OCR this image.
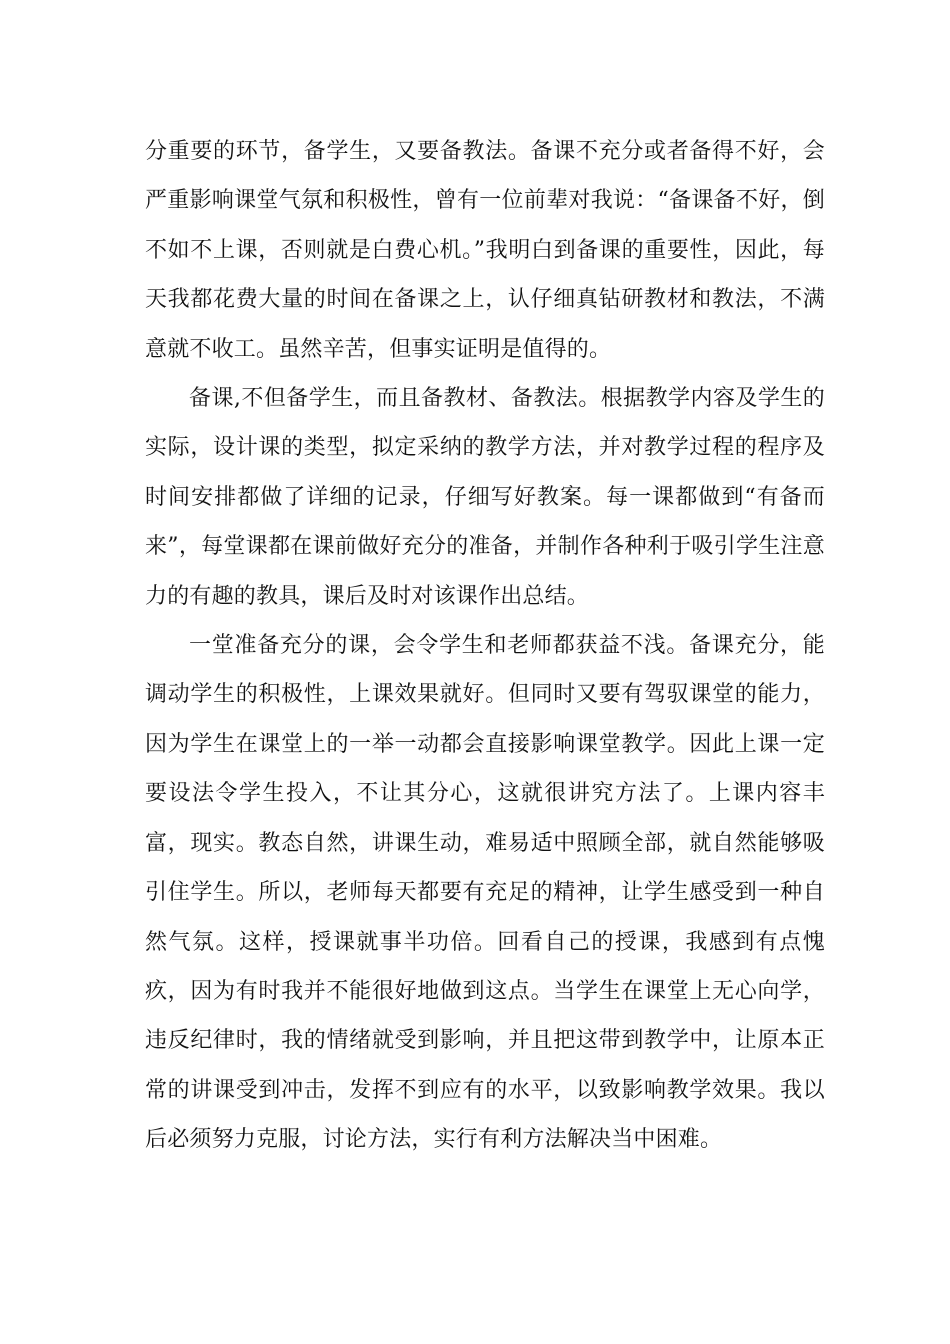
分重要的环节，备学生，又要备教法。备课不充分或者备得不好，会严重影响课堂气氛和积极性，曾有一位前辈对我说：“备课备不好，倒不如不上课，否则就是白费心机。”我明白到备课的重要性，因此，每天我都花费大量的时间在备课之上，认仔细真钻研教材和教法，不满意就不收工。虽然辛苦，但事实证明是值得的。

备课,不但备学生，而且备教材、备教法。根据教学内容及学生的实际，设计课的类型，拟定采纳的教学方法，并对教学过程的程序及时间安排都做了详细的记录，仔细写好教案。每一课都做到“有备而来”，每堂课都在课前做好充分的准备，并制作各种利于吸引学生注意力的有趣的教具，课后及时对该课作出总结。

一堂准备充分的课，会令学生和老师都获益不浅。备课充分，能调动学生的积极性，上课效果就好。但同时又要有驾驭课堂的能力，因为学生在课堂上的一举一动都会直接影响课堂教学。因此上课一定要设法令学生投入，不让其分心，这就很讲究方法了。上课内容丰富，现实。教态自然，讲课生动，难易适中照顾全部，就自然能够吸引住学生。所以，老师每天都要有充足的精神，让学生感受到一种自然气氛。这样，授课就事半功倍。回看自己的授课，我感到有点愧疚，因为有时我并不能很好地做到这点。当学生在课堂上无心向学，违反纪律时，我的情绪就受到影响，并且把这带到教学中，让原本正常的讲课受到冲击，发挥不到应有的水平，以致影响教学效果。我以后必须努力克服，讨论方法，实行有利方法解决当中困难。
